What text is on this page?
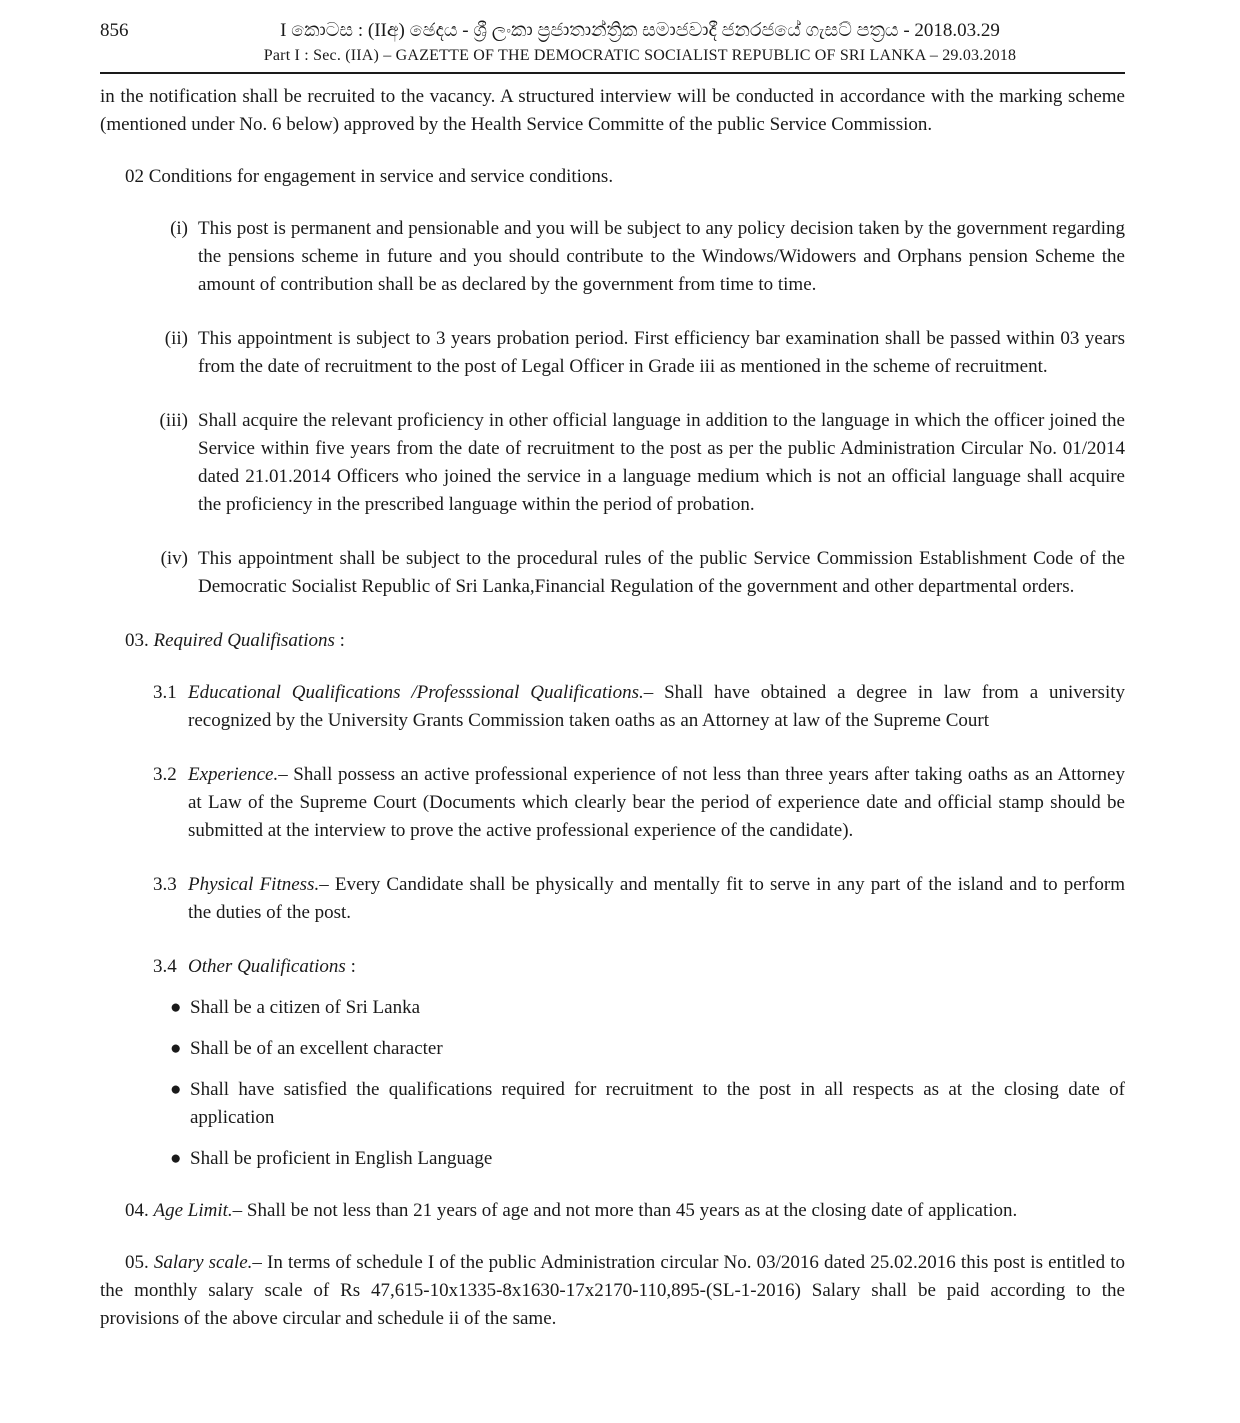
856	I කොටස : (IIඅ) ඡෙදය - ශ්‍රී ලංකා ප්‍රජාතාන්ත්‍රික සමාජවාදී ජනරජයේ ගැසට් පත්‍රය - 2018.03.29
Part I : Sec. (IIA) – GAZETTE OF THE DEMOCRATIC SOCIALIST REPUBLIC OF SRI LANKA – 29.03.2018

in the notification shall be recruited to the vacancy. A structured interview will be conducted in accordance with the marking scheme (mentioned under No. 6 below) approved by the Health Service Committe of the public Service Commission.

02 Conditions for engagement in service and service conditions.

(i) This post is permanent and pensionable and you will be subject to any policy decision taken by the government regarding the pensions scheme in future and you should contribute to the Windows/Widowers and Orphans pension Scheme the amount of contribution shall be as declared by the government from time to time.

(ii) This appointment is subject to 3 years probation period. First efficiency bar examination shall be passed within 03 years from the date of recruitment to the post of Legal Officer in Grade iii as mentioned in the scheme of recruitment.

(iii) Shall acquire the relevant proficiency in other official language in addition to the language in which the officer joined the Service within five years from the date of recruitment to the post as per the public Administration Circular No. 01/2014 dated 21.01.2014 Officers who joined the service in a language medium which is not an official language shall acquire the proficiency in the prescribed language within the period of probation.

(iv) This appointment shall be subject to the procedural rules of the public Service Commission Establishment Code of the Democratic Socialist Republic of Sri Lanka,Financial Regulation of the government and other departmental orders.

03. Required Qualifisations :

3.1 Educational Qualifications /Professsional Qualifications.– Shall have obtained a degree in law from a university recognized by the University Grants Commission taken oaths as an Attorney at law of the Supreme Court

3.2 Experience.– Shall possess an active professional experience of not less than three years after taking oaths as an Attorney at Law of the Supreme Court (Documents which clearly bear the period of experience date and official stamp should be submitted at the interview to prove the active professional experience of the candidate).

3.3 Physical Fitness.– Every Candidate shall be physically and mentally fit to serve in any part of the island and to perform the duties of the post.

3.4 Other Qualifications :

● Shall be a citizen of Sri Lanka

● Shall be of an excellent character

● Shall have satisfied the qualifications required for recruitment to the post in all respects as at the closing date of application

● Shall be proficient in English Language

04. Age Limit.– Shall be not less than 21 years of age and not more than 45 years as at the closing date of application.

05. Salary scale.– In terms of schedule I of the public Administration circular No. 03/2016 dated 25.02.2016 this post is entitled to the monthly salary scale of Rs 47,615-10x1335-8x1630-17x2170-110,895-(SL-1-2016) Salary shall be paid according to the provisions of the above circular and schedule ii of the same.
